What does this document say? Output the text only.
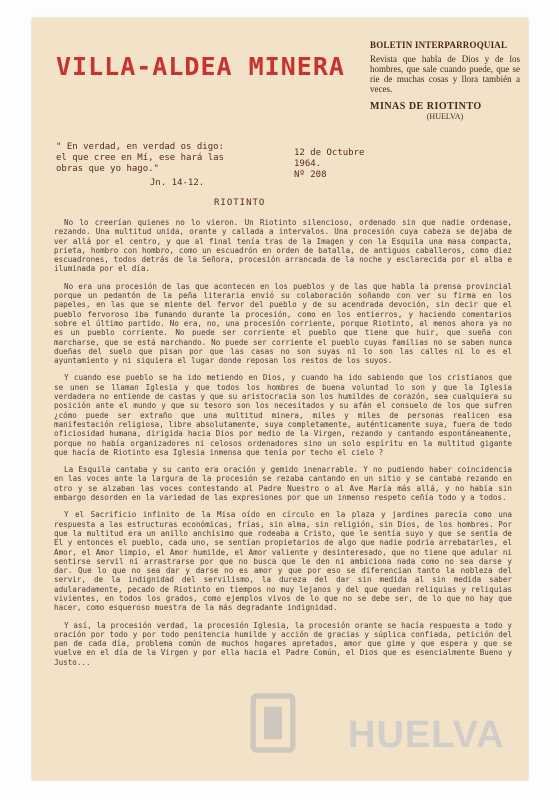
VILLA-ALDEA MINERA
BOLETIN INTERPARROQUIAL
Revista que habla de Dios y de los hombres, que sale cuando puede, que se rie de muchas cosas y llora también a veces.
MINAS DE RIOTINTO
(HUELVA)
" En verdad, en verdad os digo:
el que cree en Mí, ese hará las
obras que yo hago."
Jn. 14-12.
12 de Octubre
1964.
Nº 208
RIOTINTO

No lo creerían quienes no lo vieron. Un Riotinto silencioso, ordenado sin que nadie ordenase, rezando. Una multitud unida, orante y callada a intervalos. Una procesión cuya cabeza se dejaba de ver allá por el centro, y que al final tenía tras de la Imagen y con la Esquila una masa compacta, prieta, hombro con hombro, como un escuadrón en orden de batalla, de antiguos caballeros, como diez escuadrones, todos detrás de la Señora, procesión arrancada de la noche y esclarecida por el alba e iluminada por el día.

No era una procesión de las que acontecen en los pueblos y de las que habla la prensa provincial porque un pedantón de la peña literaria envió su colaboración soñando con ver su firma en los papeles, en las que se miente del fervor del pueblo y de su acendrada devoción, sin decir que el pueblo fervoroso iba fumando durante la procesión, como en los entierros, y haciendo comentarios sobre el último partido. No era, no, una procesión corriente, porque Riotinto, al menos ahora ya no es un pueblo corriente. No puede ser corriente el pueblo que tiene que huir, que sueña con marcharse, que se está marchando. No puede ser corriente el pueblo cuyas familias no se saben nunca dueñas del suelo que pisan por que las casas no son suyas ni lo son las calles ni lo es el ayuntamiento y ni siquiera el lugar donde reposan los restos de los suyos.

Y cuando ese pueblo se ha ido metiendo en Dios, y cuando ha ido sabiendo que los cristianos que se unen se llaman Iglesia y que todos los hombres de buena voluntad lo son y que la Iglesia verdadera no entiende de castas y que su aristocracia son los humildes de corazón, sea cualquiera su posición ante el mundo y que su tesoro son los necesitados y su afán el consuelo de los que sufren ¿cómo puede ser extraño que una multitud minera, miles y miles de personas realicen esa manifestación religiosa, libre absolutamente, suya completamente, auténticamente suya, fuera de todo oficiosidad humana, dirigida hacia Dios por medio de la Virgen, rezando y cantando espontáneamente, porque no había organizadores ni celosos ordenadores sino un solo espíritu en la multitud gigante que hacía de Riotinto esa Iglesia inmensa que tenía por techo el cielo ?

La Esquila cantaba y su canto era oración y gemido inenarrable. Y no pudiendo haber coincidencia en las voces ante la largura de la procesión se rezaba cantando en un sitio y se cantaba rezando en otro y se alzaban las voces contestando al Padre Nuestro o al Ave María más allá, y no había sin embargo desorden en la variedad de las expresiones por que un inmenso respeto ceñía todo y a todos.

Y el Sacrificio infinito de la Misa oído en círculo en la plaza y jardines parecía como una respuesta a las estructuras económicas, frías, sin alma, sin religión, sin Dios, de los hombres. Por que la multitud era un anillo anchísimo que rodeaba a Cristo, que le sentía suyo y que se sentía de El y entonces el pueblo, cada uno, se sentían propietarios de algo que nadie podría arrebatarles, el Amor, el Amor limpio, el Amor humilde, el Amor valiente y desinteresado, que no tiene que adular ni sentirse servil ni arrastrarse por que no busca que le den ni ambiciona nada como no sea darse y dar. Que lo que no sea dar y darse no es amor y que por eso se diferencian tanto la nobleza del servir, de la indignidad del servilismo, la dureza del dar sin medida al sin medida saber adularadamente, pecado de Riotinto en tiempos no muy lejanos y del que quedan reliquias y reliquias vivientes, en todos los grados, como ejemplos vivos de lo que no se debe ser, de lo que no hay que hacer, como esqueroso muestra de la más degradante indignidad.

Y así, la procesión verdad, la procesión Iglesia, la procesión orante se hacía respuesta a todo y oración por todo y por todo penitencia humilde y acción de gracias y súplica confiada, petición del pan de cada día, problema común de muchos hogares apretados, amor que gime y que espera y que se vuelve en el día de la Virgen y por ella hacia el Padre Común, el Dios que es esencialmente Bueno y Justo...

HUELVA
